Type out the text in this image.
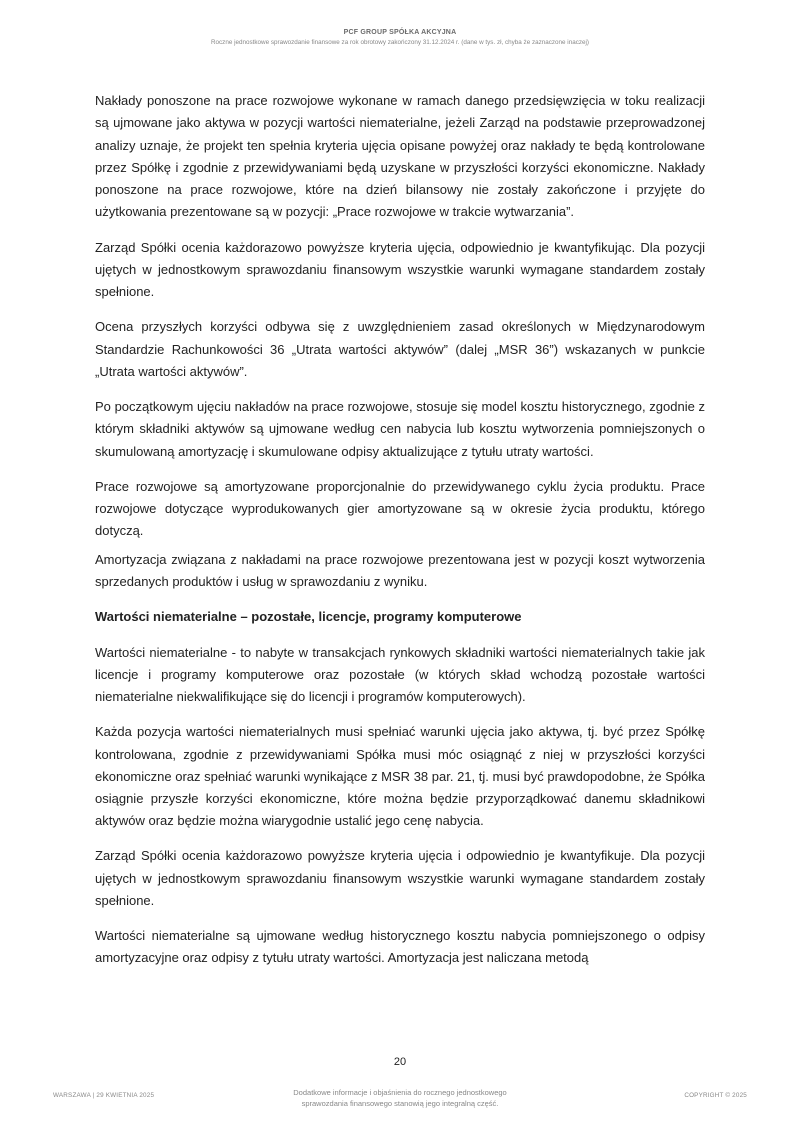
PCF GROUP SPÓŁKA AKCYJNA
Roczne jednostkowe sprawozdanie finansowe za rok obrotowy zakończony 31.12.2024 r. (dane w tys. zł, chyba że zaznaczone inaczej)

Nakłady ponoszone na prace rozwojowe wykonane w ramach danego przedsięwzięcia w toku realizacji są ujmowane jako aktywa w pozycji wartości niematerialne, jeżeli Zarząd na podstawie przeprowadzonej analizy uznaje, że projekt ten spełnia kryteria ujęcia opisane powyżej oraz nakłady te będą kontrolowane przez Spółkę i zgodnie z przewidywaniami będą uzyskane w przyszłości korzyści ekonomiczne. Nakłady ponoszone na prace rozwojowe, które na dzień bilansowy nie zostały zakończone i przyjęte do użytkowania prezentowane są w pozycji: „Prace rozwojowe w trakcie wytwarzania”.

Zarząd Spółki ocenia każdorazowo powyższe kryteria ujęcia, odpowiednio je kwantyfikując. Dla pozycji ujętych w jednostkowym sprawozdaniu finansowym wszystkie warunki wymagane standardem zostały spełnione.

Ocena przyszłych korzyści odbywa się z uwzględnieniem zasad określonych w Międzynarodowym Standardzie Rachunkowości 36 „Utrata wartości aktywów” (dalej „MSR 36”) wskazanych w punkcie „Utrata wartości aktywów”.

Po początkowym ujęciu nakładów na prace rozwojowe, stosuje się model kosztu historycznego, zgodnie z którym składniki aktywów są ujmowane według cen nabycia lub kosztu wytworzenia pomniejszonych o skumulowaną amortyzację i skumulowane odpisy aktualizujące z tytułu utraty wartości.

Prace rozwojowe są amortyzowane proporcjonalnie do przewidywanego cyklu życia produktu. Prace rozwojowe dotyczące wyprodukowanych gier amortyzowane są w okresie życia produktu, którego dotyczą.

Amortyzacja związana z nakładami na prace rozwojowe prezentowana jest w pozycji koszt wytworzenia sprzedanych produktów i usług w sprawozdaniu z wyniku.

Wartości niematerialne – pozostałe, licencje, programy komputerowe

Wartości niematerialne - to nabyte w transakcjach rynkowych składniki wartości niematerialnych takie jak licencje i programy komputerowe oraz pozostałe (w których skład wchodzą pozostałe wartości niematerialne niekwalifikujące się do licencji i programów komputerowych).

Każda pozycja wartości niematerialnych musi spełniać warunki ujęcia jako aktywa, tj. być przez Spółkę kontrolowana, zgodnie z przewidywaniami Spółka musi móc osiągnąć z niej w przyszłości korzyści ekonomiczne oraz spełniać warunki wynikające z MSR 38 par. 21, tj. musi być prawdopodobne, że Spółka osiągnie przyszłe korzyści ekonomiczne, które można będzie przyporządkować danemu składnikowi aktywów oraz będzie można wiarygodnie ustalić jego cenę nabycia.

Zarząd Spółki ocenia każdorazowo powyższe kryteria ujęcia i odpowiednio je kwantyfikuje. Dla pozycji ujętych w jednostkowym sprawozdaniu finansowym wszystkie warunki wymagane standardem zostały spełnione.

Wartości niematerialne są ujmowane według historycznego kosztu nabycia pomniejszonego o odpisy amortyzacyjne oraz odpisy z tytułu utraty wartości. Amortyzacja jest naliczana metodą

20
WARSZAWA | 29 KWIETNIA 2025	Dodatkowe informacje i objaśnienia do rocznego jednostkowego
sprawozdania finansowego stanowią jego integralną część.
COPYRIGHT © 2025
